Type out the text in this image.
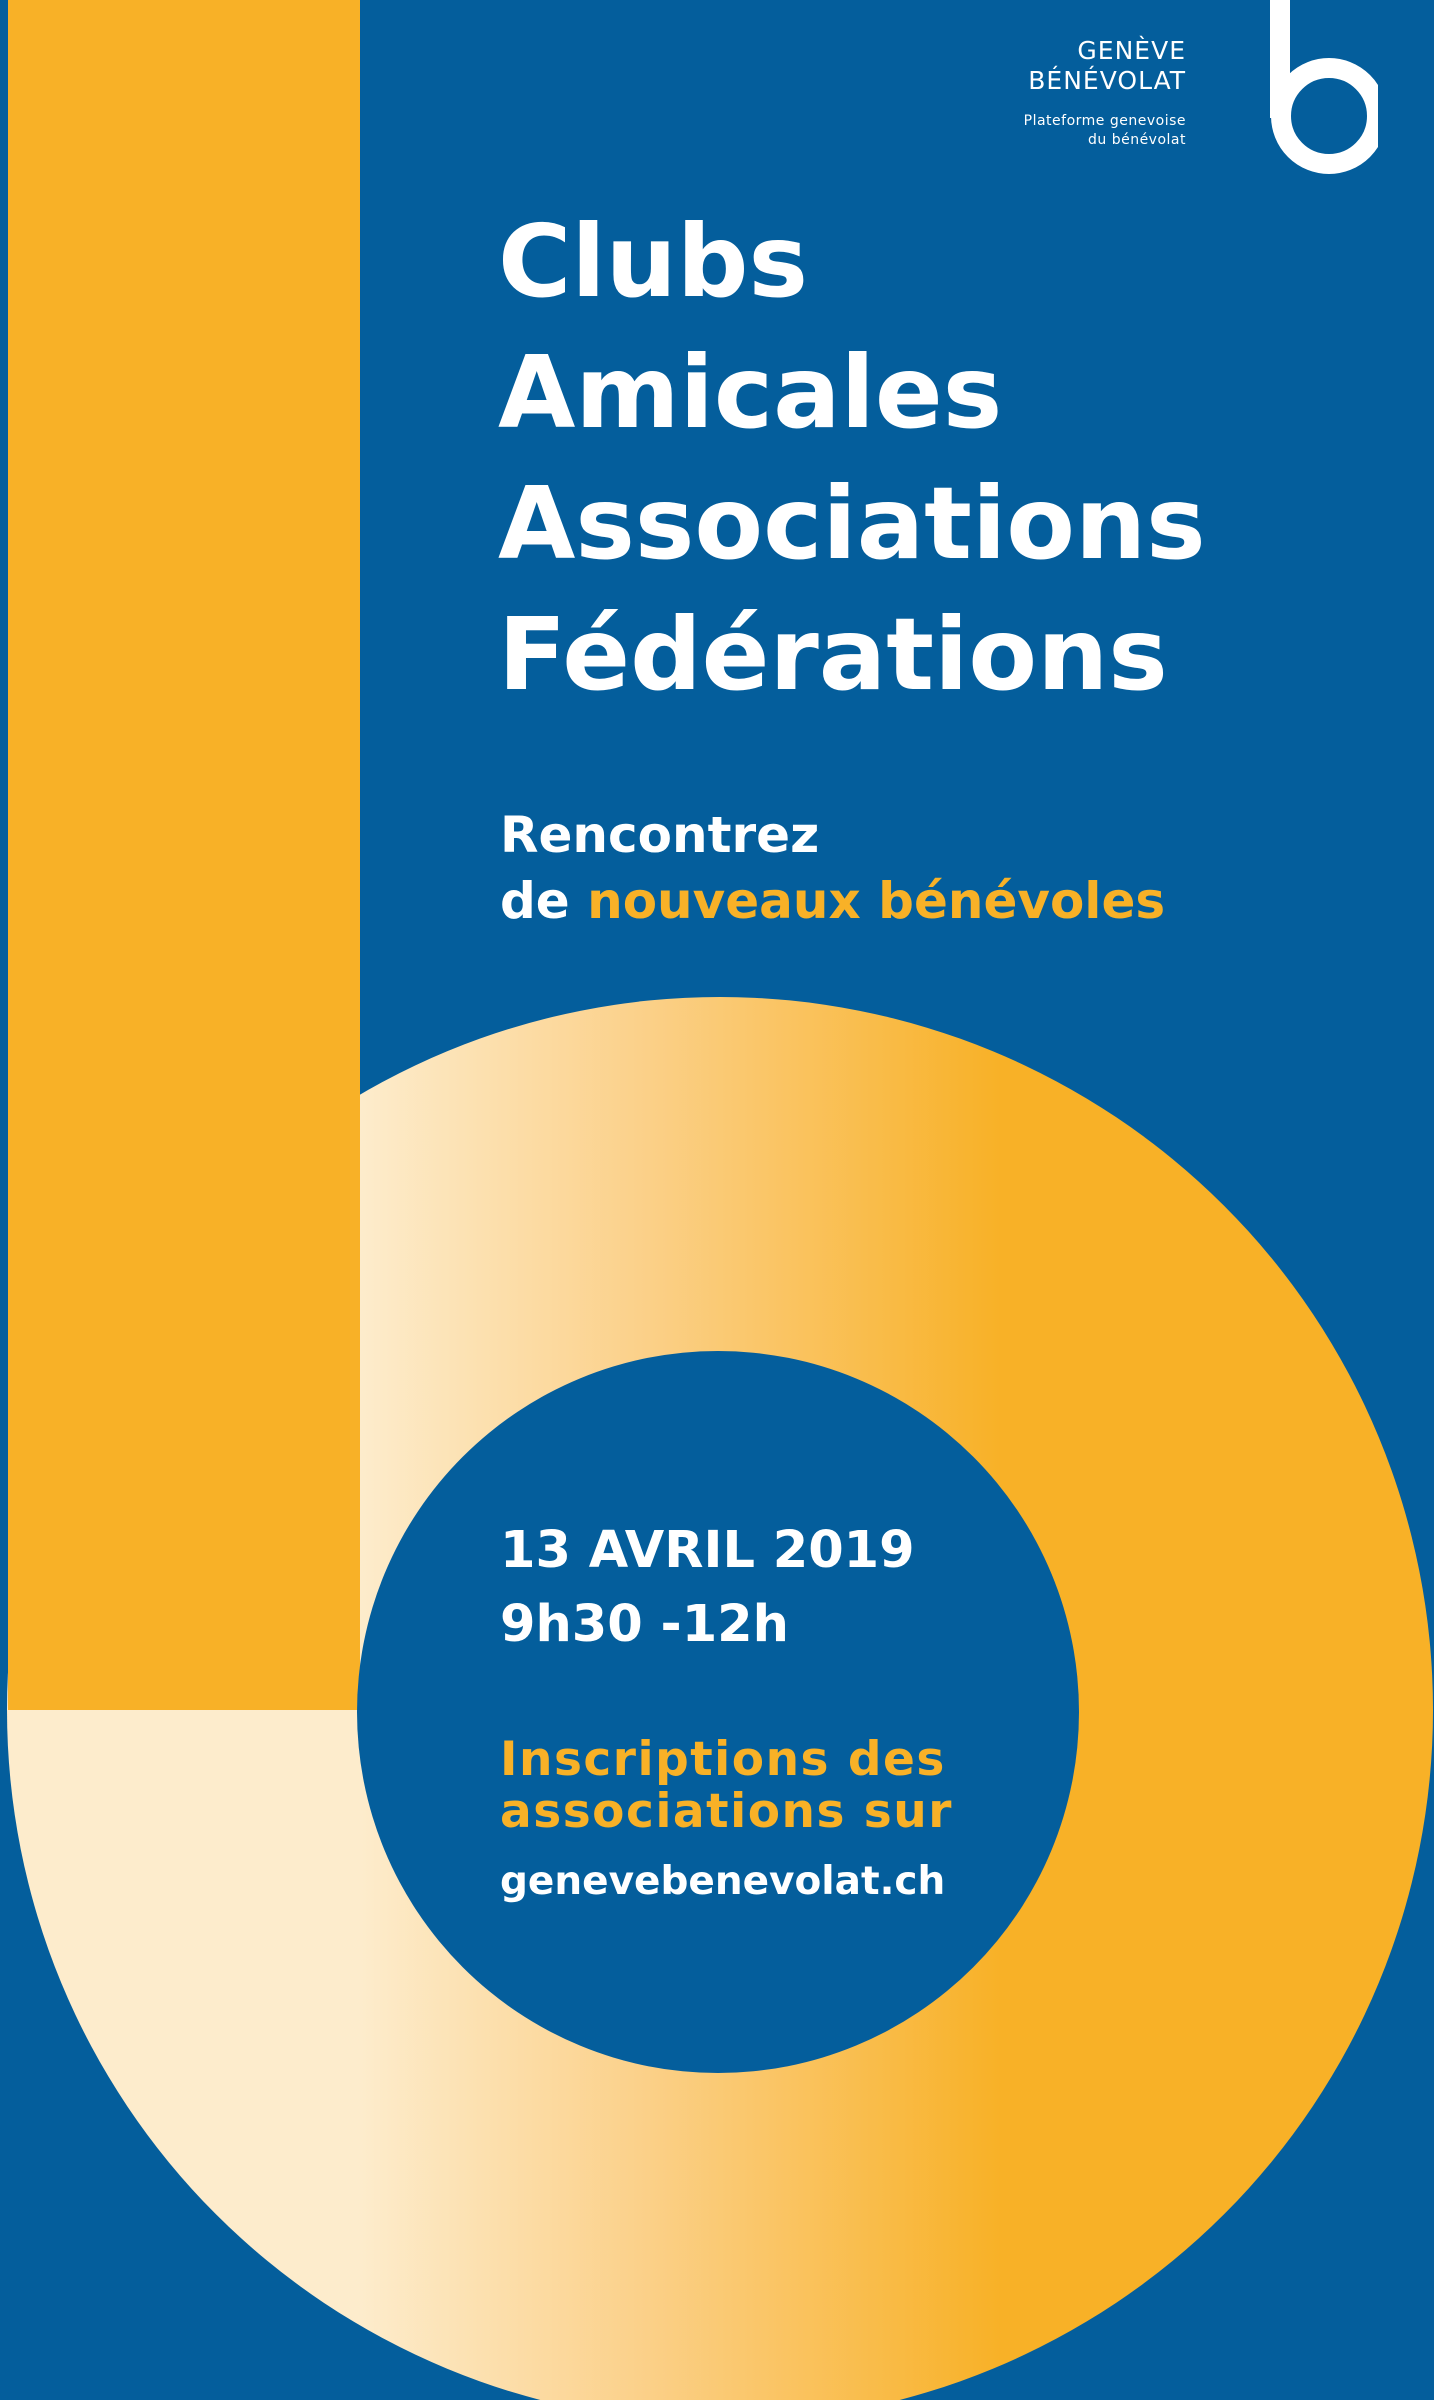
GENÈVE
BÉNÉVOLAT
Plateforme genevoise
du bénévolat
Clubs
Amicales
Associations
Fédérations
Rencontrez
de nouveaux bénévoles
13 AVRIL 2019
9h30 -12h
Inscriptions des
associations sur
genevebenevolat.ch
